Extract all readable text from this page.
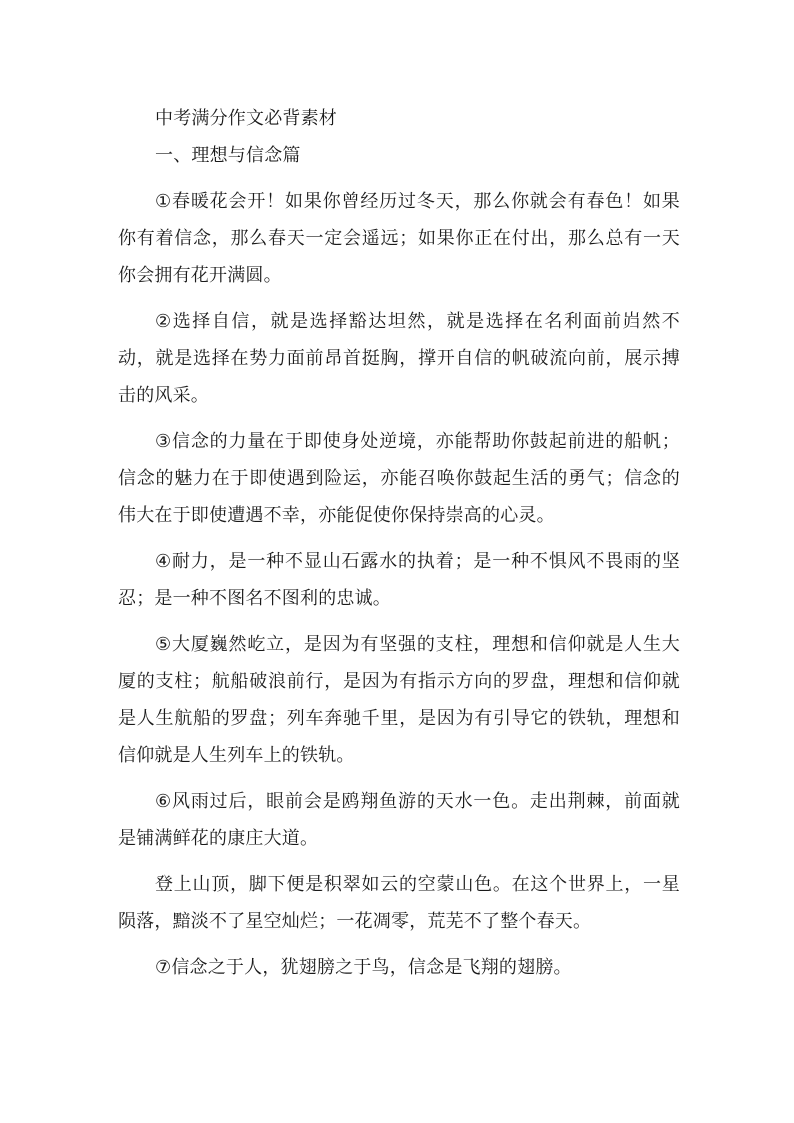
中考满分作文必背素材
一、理想与信念篇

①春暖花会开！如果你曾经历过冬天，那么你就会有春色！如果你有着信念，那么春天一定会遥远；如果你正在付出，那么总有一天你会拥有花开满圆。

②选择自信，就是选择豁达坦然，就是选择在名利面前岿然不动，就是选择在势力面前昂首挺胸，撑开自信的帆破流向前，展示搏击的风采。

③信念的力量在于即使身处逆境，亦能帮助你鼓起前进的船帆；信念的魅力在于即使遇到险运，亦能召唤你鼓起生活的勇气；信念的伟大在于即使遭遇不幸，亦能促使你保持崇高的心灵。

④耐力，是一种不显山石露水的执着；是一种不惧风不畏雨的坚忍；是一种不图名不图利的忠诚。

⑤大厦巍然屹立，是因为有坚强的支柱，理想和信仰就是人生大厦的支柱；航船破浪前行，是因为有指示方向的罗盘，理想和信仰就是人生航船的罗盘；列车奔驰千里，是因为有引导它的铁轨，理想和信仰就是人生列车上的铁轨。

⑥风雨过后，眼前会是鸥翔鱼游的天水一色。走出荆棘，前面就是铺满鲜花的康庄大道。

登上山顶，脚下便是积翠如云的空蒙山色。在这个世界上，一星陨落，黯淡不了星空灿烂；一花凋零，荒芜不了整个春天。

⑦信念之于人，犹翅膀之于鸟，信念是飞翔的翅膀。
